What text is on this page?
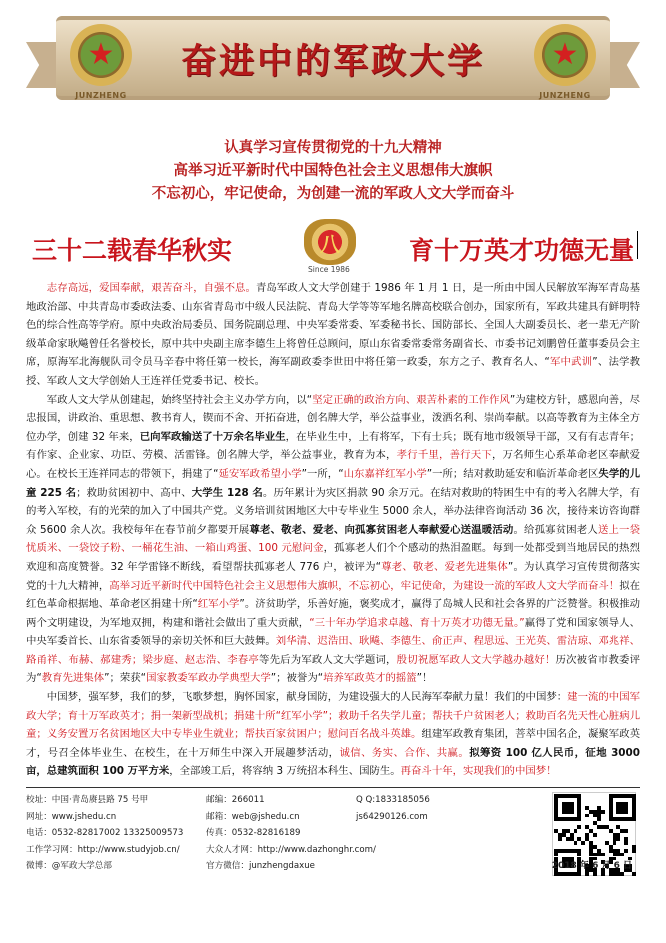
★
JUNZHENG
★
JUNZHENG
奋进中的军政大学
认真学习宣传贯彻党的十九大精神
高举习近平新时代中国特色社会主义思想伟大旗帜
不忘初心，牢记使命，为创建一流的军政人文大学而奋斗
三十二载春华秋实	八
Since 1986
育十万英才功德无量

志存高远，爱国奉献，艰苦奋斗，自强不息。青岛军政人文大学创建于 1986 年 1 月 1 日，是一所由中国人民解放军海军青岛基地政治部、中共青岛市委政法委、山东省青岛市中级人民法院、青岛大学等等军地名牌高校联合创办，国家所有，军政共建具有鲜明特色的综合性高等学府。原中央政治局委员、国务院副总理、中央军委常委、军委秘书长、国防部长、全国人大副委员长、老一辈无产阶级革命家耿飚曾任名誉校长，原中共中央副主席李德生上将曾任总顾问，原山东省委常委常务副省长、市委书记刘鹏曾任董事委员会主席，原海军北海舰队司令员马辛春中将任第一校长，海军副政委李世田中将任第一政委，东方之子、教育名人、“军中武训”、法学教授、军政人文大学创始人王连祥任党委书记、校长。

军政人文大学从创建起，始终坚持社会主义办学方向，以“坚定正确的政治方向、艰苦朴素的工作作风”为建校方针，感恩向善，尽忠报国，讲政治、重思想、教书育人，锲而不舍、开拓奋进，创名牌大学，举公益事业，泼洒名利、崇尚奉献。以高等教育为主体全方位办学，创建 32 年来，已向军政输送了十万余名毕业生，在毕业生中，上有将军，下有士兵；既有地市级领导干部，又有有志青年；有作家、企业家、功臣、劳模、活雷锋。创名牌大学，举公益事业，教育为本，孝行千里，善行天下，万名师生心系革命老区奉献爱心。在校长王连祥同志的带领下，捐建了“延安军政希望小学”一所，“山东嘉祥红军小学”一所；结对救助延安和临沂革命老区失学的儿童 225 名；救助贫困初中、高中、大学生 128 名。历年累计为灾区捐款 90 余万元。在结对救助的特困生中有的考入名牌大学，有的考入军校，有的光荣的加入了中国共产党。义务培训贫困地区大中专毕业生 5000 余人，举办法律咨询活动 36 次，接待来访咨询群众 5600 余人次。我校每年在春节前夕都要开展尊老、敬老、爱老、向孤寡贫困老人奉献爱心送温暖活动。给孤寡贫困老人送上一袋忧质米、一袋饺子粉、一桶花生油、一箱山鸡蛋、100 元慰问金，孤寡老人们个个感动的热泪盈眶。每到一处都受到当地居民的热烈欢迎和高度赞誉。32 年学雷锋不断线，看望帮扶孤寡老人 776 户，被评为“尊老、敬老、爱老先进集体”。为认真学习宣传贯彻落实党的十九大精神，高举习近平新时代中国特色社会主义思想伟大旗帜，不忘初心，牢记使命，为建设一流的军政人文大学而奋斗！拟在红色革命根据地、革命老区捐建十所“红军小学”。济贫助学，乐善好施，褒奖成才，赢得了岛城人民和社会各界的广泛赞誉。积极推动两个文明建设，为军地双拥，构建和谐社会做出了重大贡献，“三十年办学追求卓越、育十万英才功德无量。”赢得了党和国家领导人、中央军委首长、山东省委领导的亲切关怀和巨大鼓舞。刘华清、迟浩田、耿飚、李德生、俞正声、程思远、王光英、雷洁琼、邓兆祥、路甬祥、布赫、郝建秀；梁步庭、赵志浩、李春亭等先后为军政人文大学题词，殷切祝愿军政人文大学越办越好！历次被省市教委评为“教育先进集体”；荣获“国家教委军政办学典型大学”；被誉为“培养军政英才的摇篮”！

中国梦，强军梦，我们的梦，飞歌梦想，胸怀国家，献身国防，为建设强大的人民海军奉献力量！我们的中国梦：建一流的中国军政大学；育十万军政英才；捐一架新型战机；捐建十所“红军小学”；救助千名失学儿童；帮扶千户贫困老人；救助百名先天性心脏病儿童；义务安置万名贫困地区大中专毕业生就业；帮扶百家贫困户；慰问百名战斗英雄。组建军政教育集团，菩萃中国名企，凝聚军政英才，号召全体毕业生、在校生，在十万师生中深入开展趣梦活动，诚信、务实、合作、共赢。拟筹资 100 亿人民币，征地 3000 亩，总建筑面积 100 万平方米，全部竣工后，将容纳 3 万统招本科生、国防生。再奋斗十年，实现我们的中国梦！

校址：中国·青岛赓县路 75 号甲	邮编：266011	Q Q:1833185056
网址：www.jshedu.cn	邮箱：web@jshedu.cn	js64290126.com
电话：0532-82817002 13325009573	传真：0532-82816189
工作学习网：http://www.studyjob.cn/	大众人才网：http://www.dazhonghr.com/
微博：@军政大学总部	官方微信：junzhengdaxue	2018 年 6 月 6 日
